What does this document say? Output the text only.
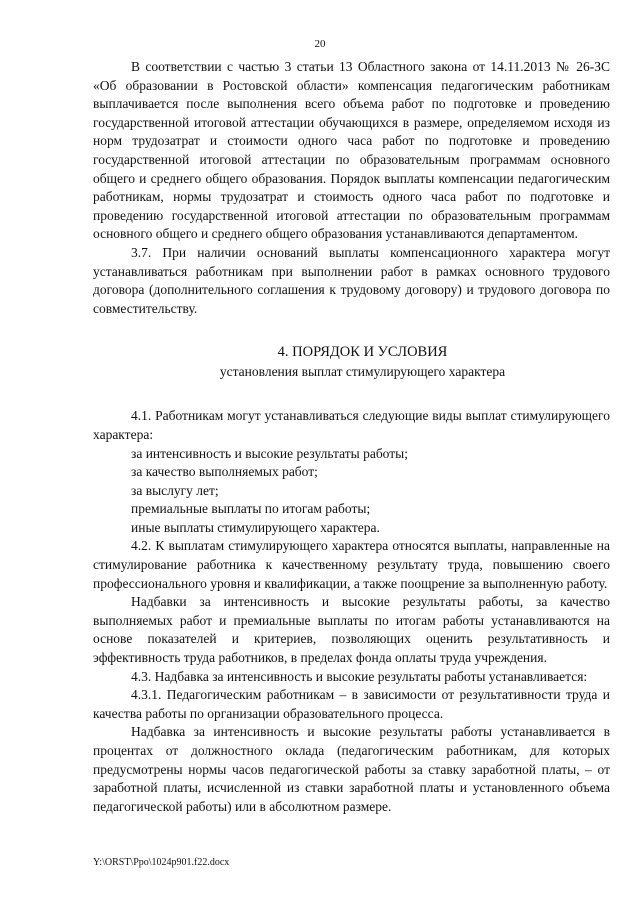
20

В соответствии с частью 3 статьи 13 Областного закона от 14.11.2013 № 26-ЗС «Об образовании в Ростовской области» компенсация педагогическим работникам выплачивается после выполнения всего объема работ по подготовке и проведению государственной итоговой аттестации обучающихся в размере, определяемом исходя из норм трудозатрат и стоимости одного часа работ по подготовке и проведению государственной итоговой аттестации по образовательным программам основного общего и среднего общего образования. Порядок выплаты компенсации педагогическим работникам, нормы трудозатрат и стоимость одного часа работ по подготовке и проведению государственной итоговой аттестации по образовательным программам основного общего и среднего общего образования устанавливаются департаментом.

3.7. При наличии оснований выплаты компенсационного характера могут устанавливаться работникам при выполнении работ в рамках основного трудового договора (дополнительного соглашения к трудовому договору) и трудового договора по совместительству.

4. ПОРЯДОК И УСЛОВИЯ
установления выплат стимулирующего характера

4.1. Работникам могут устанавливаться следующие виды выплат стимулирующего характера:

за интенсивность и высокие результаты работы;

за качество выполняемых работ;

за выслугу лет;

премиальные выплаты по итогам работы;

иные выплаты стимулирующего характера.

4.2. К выплатам стимулирующего характера относятся выплаты, направленные на стимулирование работника к качественному результату труда, повышению своего профессионального уровня и квалификации, а также поощрение за выполненную работу.

Надбавки за интенсивность и высокие результаты работы, за качество выполняемых работ и премиальные выплаты по итогам работы устанавливаются на основе показателей и критериев, позволяющих оценить результативность и эффективность труда работников, в пределах фонда оплаты труда учреждения.

4.3. Надбавка за интенсивность и высокие результаты работы устанавливается:

4.3.1. Педагогическим работникам – в зависимости от результативности труда и качества работы по организации образовательного процесса.

Надбавка за интенсивность и высокие результаты работы устанавливается в процентах от должностного оклада (педагогическим работникам, для которых предусмотрены нормы часов педагогической работы за ставку заработной платы, – от заработной платы, исчисленной из ставки заработной платы и установленного объема педагогической работы) или в абсолютном размере.

Y:\ORST\Ppo\1024p901.f22.docx
